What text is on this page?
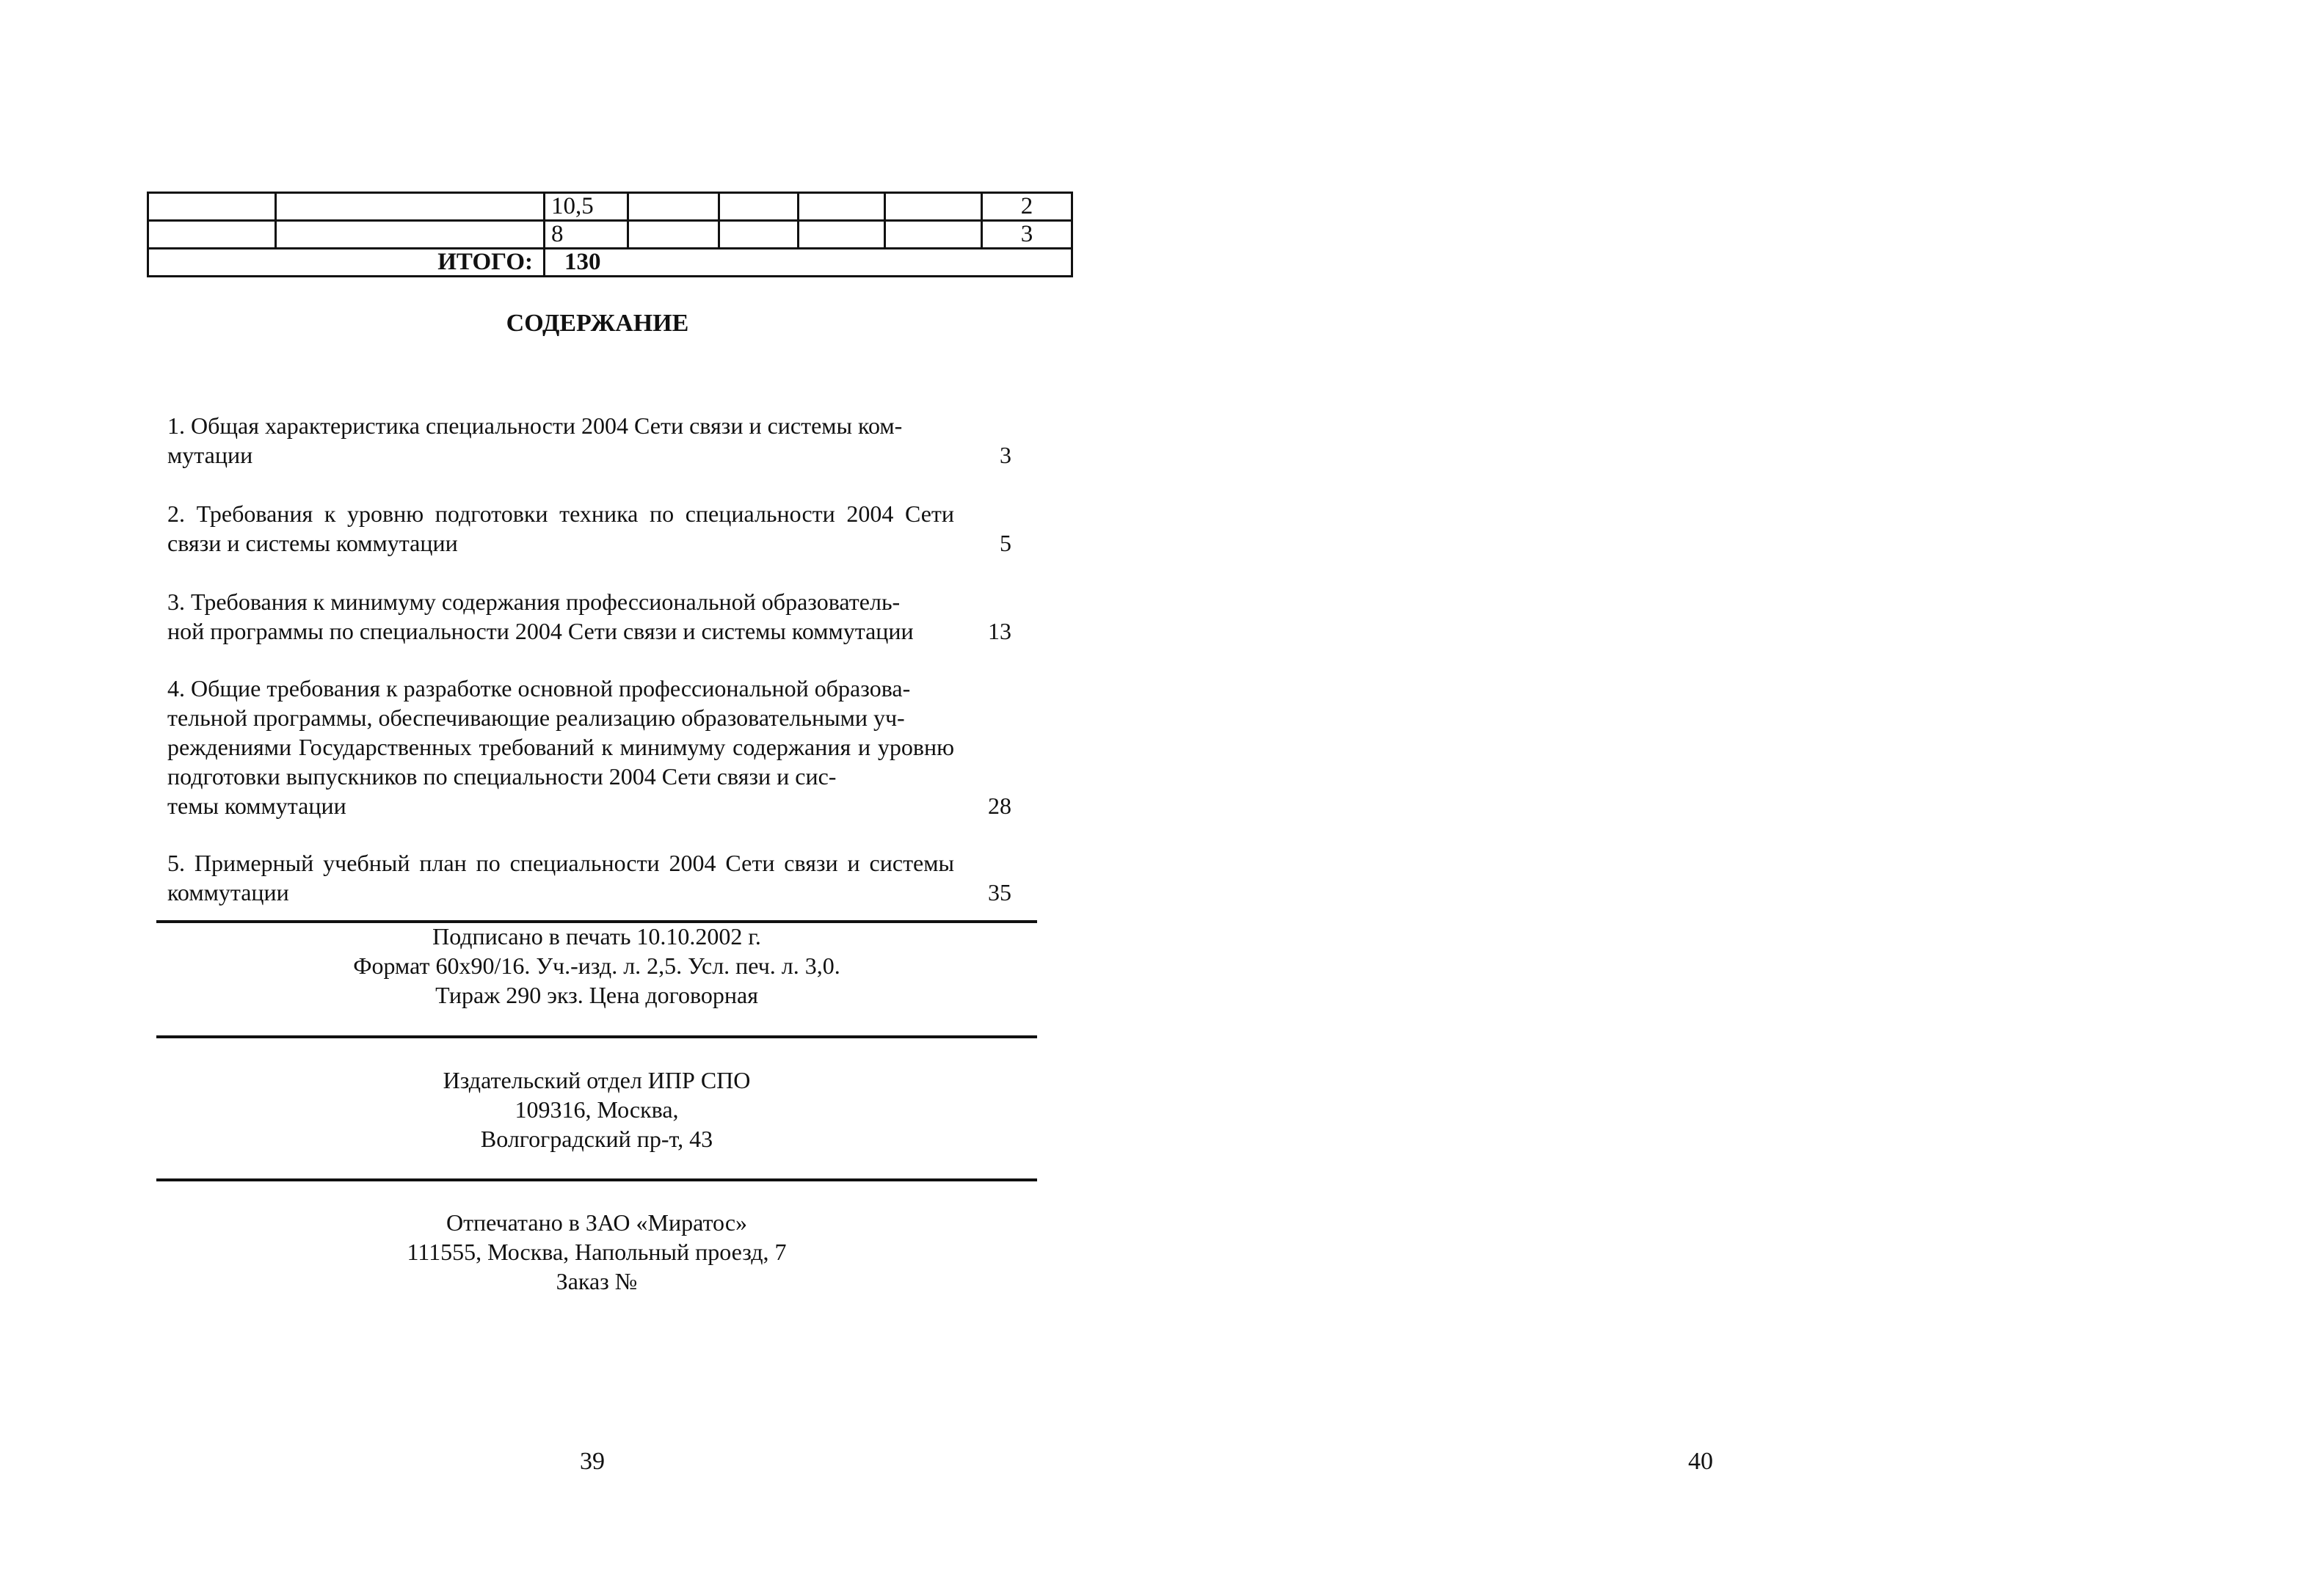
		10,5					2
		8					3
ИТОГО:		130					
СОДЕРЖАНИЕ
1. Общая характеристика специальности 2004 Сети связи и системы ком-
мутации	3
2. Требования к уровню подготовки техника по специальности 2004 Сети связи и системы коммутации	5
3. Требования к минимуму содержания профессиональной образователь-
ной программы по специальности 2004 Сети связи и системы коммутации	13
4. Общие требования к разработке основной профессиональной образова-
тельной программы, обеспечивающие реализацию образовательными уч-
реждениями Государственных требований к минимуму содержания и уровню подготовки выпускников по специальности 2004 Сети связи и сис-
темы коммутации	28
5. Примерный учебный план по специальности 2004 Сети связи и системы коммутации	35
Подписано в печать 10.10.2002 г.
Формат 60х90/16. Уч.-изд. л. 2,5. Усл. печ. л. 3,0.
Тираж 290 экз. Цена договорная
Издательский отдел ИПР СПО
109316, Москва,
Волгоградский пр-т, 43
Отпечатано в ЗАО «Миратос»
111555, Москва, Напольный проезд, 7
Заказ №
39	40
